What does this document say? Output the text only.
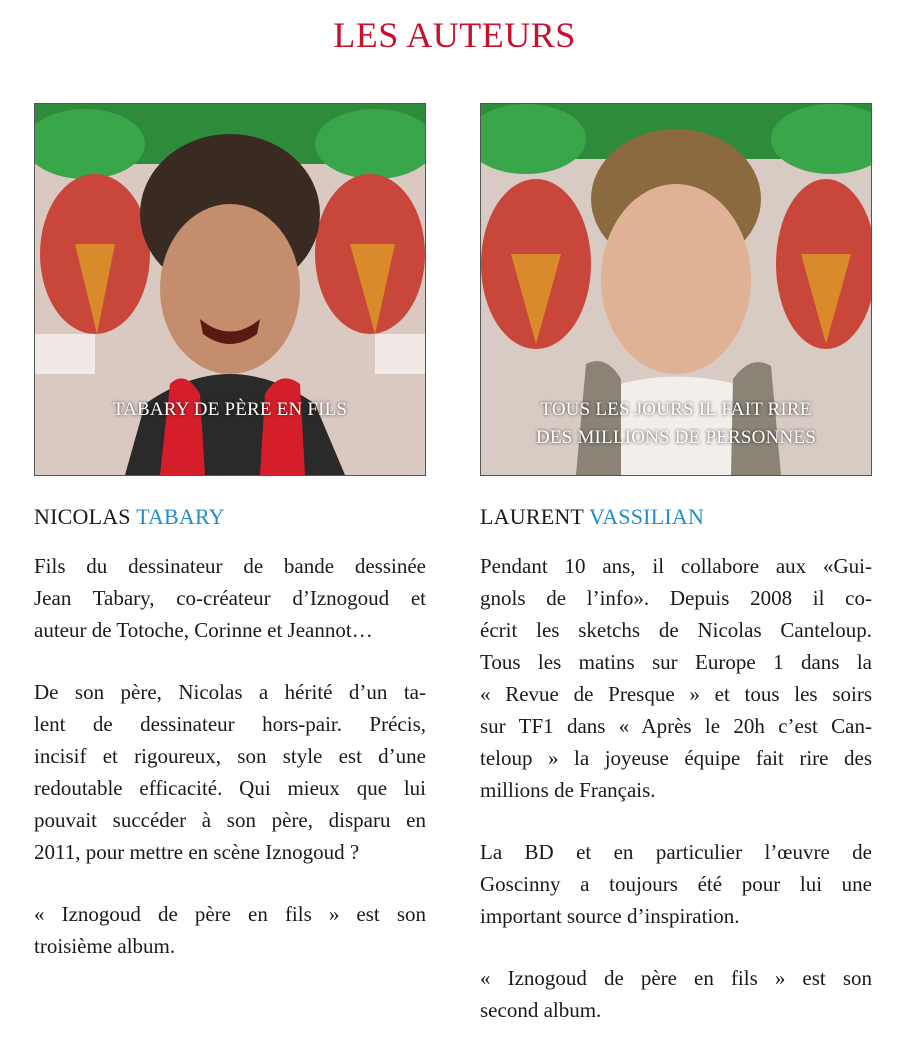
LES AUTEURS
TABARY DE PÈRE EN FILS
NICOLAS TABARY

Fils du dessinateur de bande dessinée
Jean Tabary, co-créateur d’Iznogoud et
auteur de Totoche, Corinne et Jeannot…

De son père, Nicolas a hérité d’un ta-
lent de dessinateur hors-pair. Précis,
incisif et rigoureux, son style est d’une
redoutable efficacité. Qui mieux que lui
pouvait succéder à son père, disparu en
2011, pour mettre en scène Iznogoud ?

« Iznogoud de père en fils » est son
troisième album.

TOUS LES JOURS IL FAIT RIRE
DES MILLIONS DE PERSONNES
LAURENT VASSILIAN

Pendant 10 ans, il collabore aux «Gui-
gnols de l’info». Depuis 2008 il co-
écrit les sketchs de Nicolas Canteloup.
Tous les matins sur Europe 1 dans la
« Revue de Presque » et tous les soirs
sur TF1 dans « Après le 20h c’est Can-
teloup » la joyeuse équipe fait rire des
millions de Français.

La BD et en particulier l’œuvre de
Goscinny a toujours été pour lui une
important source d’inspiration.

« Iznogoud de père en fils » est son
second album.
